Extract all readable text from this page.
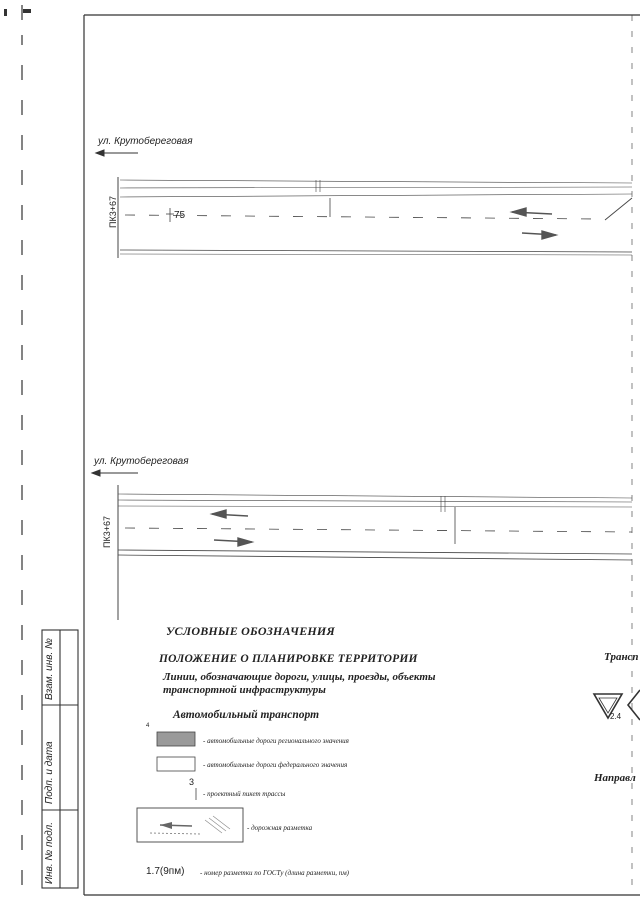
ул. Крутобереговая
ПК3+67	75
ул. Крутобереговая
ПК3+67
УСЛОВНЫЕ ОБОЗНАЧЕНИЯ
ПОЛОЖЕНИЕ О ПЛАНИРОВКЕ ТЕРРИТОРИИ
Линии, обозначающие дороги, улицы, проезды, объекты транспортной инфраструктуры
Автомобильный транспорт
4
- автомобильные дороги регионального значения
- автомобильные дороги федерального значения
3
- проектный пикет трассы
- дорожная разметка
1.7(9пм) - номер разметки по ГОСТу (длина разметки, пм)
Трансп
2.4
Направл
Взам. инв. №
Подп. и дата
Инв. № подл.
